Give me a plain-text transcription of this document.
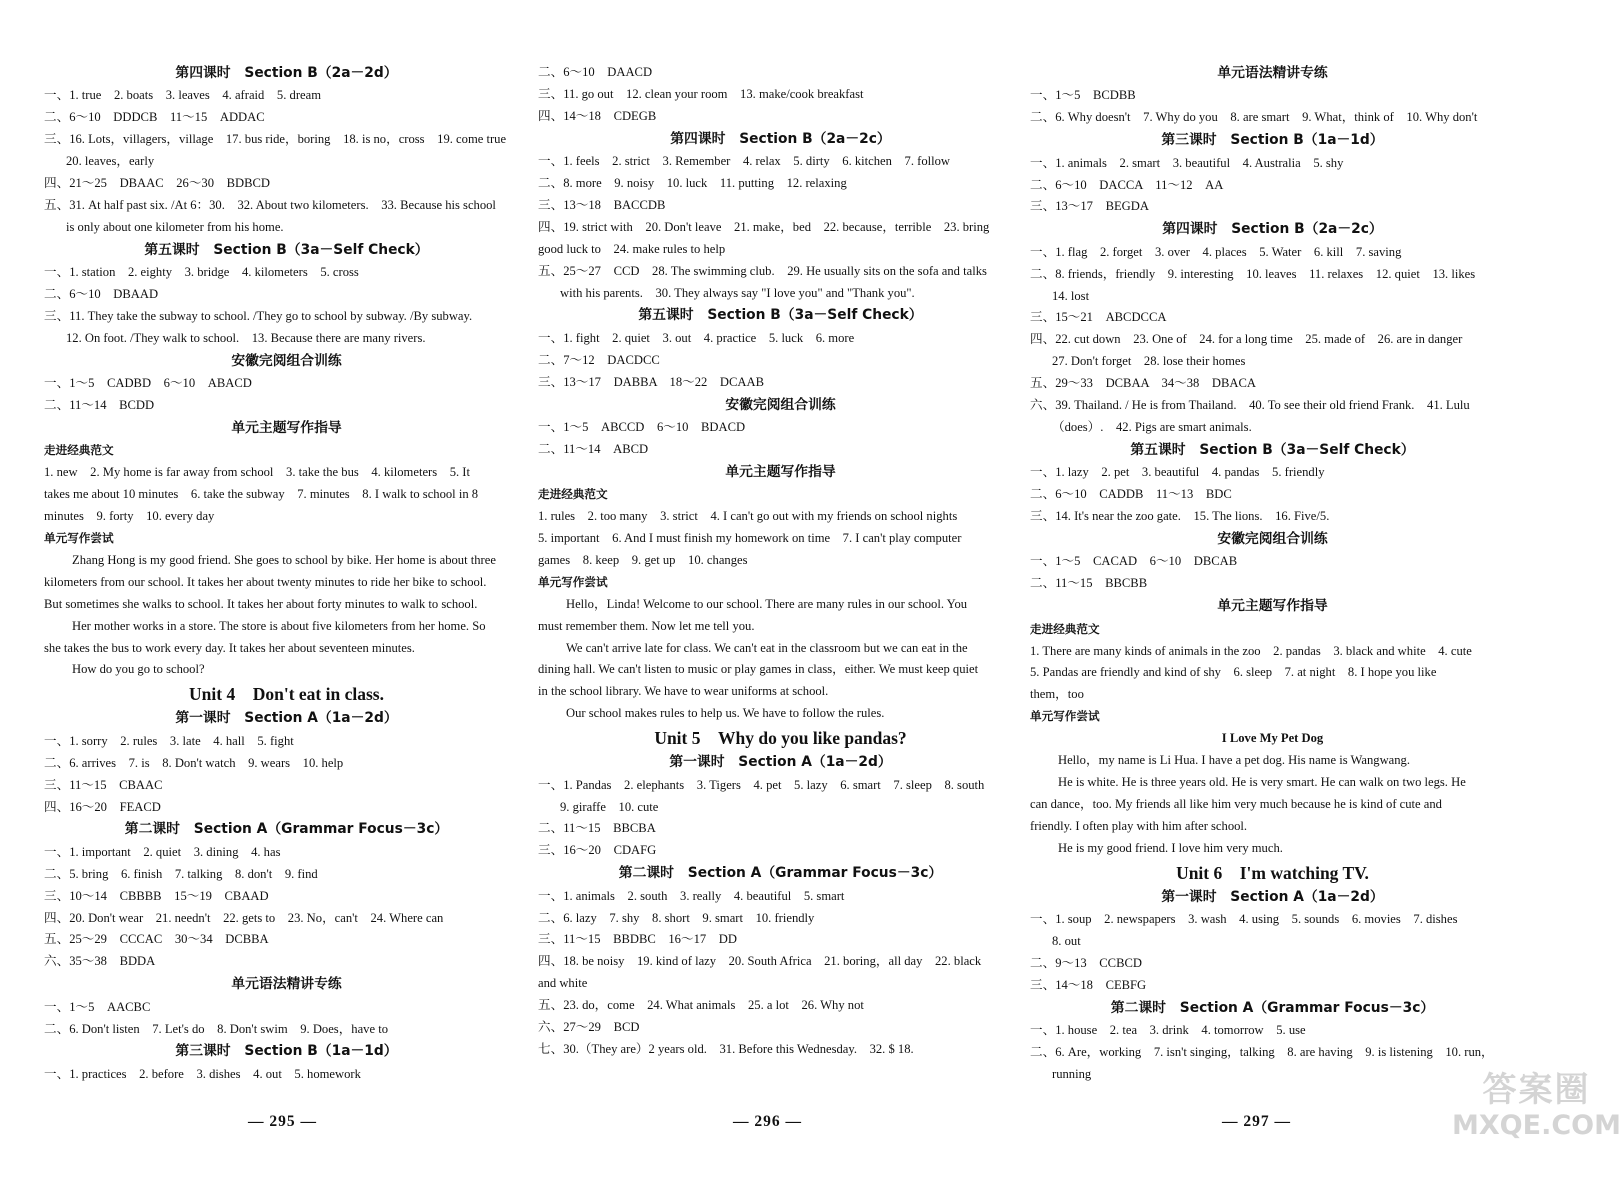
第四课时　Section B（2a－2d）
一、1. true　2. boats　3. leaves　4. afraid　5. dream
二、6～10　DDDCB　11～15　ADDAC
三、16. Lots，villagers，village　17. bus ride，boring　18. is no，cross　19. come true
20. leaves，early
四、21～25　DBAAC　26～30　BDBCD
五、31. At half past six. /At 6：30.　32. About two kilometers.　33. Because his school
is only about one kilometer from his home.
第五课时　Section B（3a－Self Check）
一、1. station　2. eighty　3. bridge　4. kilometers　5. cross
二、6～10　DBAAD
三、11. They take the subway to school. /They go to school by subway. /By subway.
12. On foot. /They walk to school.　13. Because there are many rivers.
安徽完阅组合训练
一、1～5　CADBD　6～10　ABACD
二、11～14　BCDD
单元主题写作指导
走进经典范文
1. new　2. My home is far away from school　3. take the bus　4. kilometers　5. It
takes me about 10 minutes　6. take the subway　7. minutes　8. I walk to school in 8
minutes　9. forty　10. every day
单元写作尝试
Zhang Hong is my good friend. She goes to school by bike. Her home is about three
kilometers from our school. It takes her about twenty minutes to ride her bike to school.
But sometimes she walks to school. It takes her about forty minutes to walk to school.
Her mother works in a store. The store is about five kilometers from her home. So
she takes the bus to work every day. It takes her about seventeen minutes.
How do you go to school?
Unit 4　Don't eat in class.
第一课时　Section A（1a－2d）
一、1. sorry　2. rules　3. late　4. hall　5. fight
二、6. arrives　7. is　8. Don't watch　9. wears　10. help
三、11～15　CBAAC
四、16～20　FEACD
第二课时　Section A（Grammar Focus－3c）
一、1. important　2. quiet　3. dining　4. has
二、5. bring　6. finish　7. talking　8. don't　9. find
三、10～14　CBBBB　15～19　CBAAD
四、20. Don't wear　21. needn't　22. gets to　23. No，can't　24. Where can
五、25～29　CCCAC　30～34　DCBBA
六、35～38　BDDA
单元语法精讲专练
一、1～5　AACBC
二、6. Don't listen　7. Let's do　8. Don't swim　9. Does，have to
第三课时　Section B（1a－1d）
一、1. practices　2. before　3. dishes　4. out　5. homework
二、6～10　DAACD
三、11. go out　12. clean your room　13. make/cook breakfast
四、14～18　CDEGB
第四课时　Section B（2a－2c）
一、1. feels　2. strict　3. Remember　4. relax　5. dirty　6. kitchen　7. follow
二、8. more　9. noisy　10. luck　11. putting　12. relaxing
三、13～18　BACCDB
四、19. strict with　20. Don't leave　21. make，bed　22. because，terrible　23. bring
good luck to　24. make rules to help
五、25～27　CCD　28. The swimming club.　29. He usually sits on the sofa and talks
with his parents.　30. They always say "I love you" and "Thank you".
第五课时　Section B（3a－Self Check）
一、1. fight　2. quiet　3. out　4. practice　5. luck　6. more
二、7～12　DACDCC
三、13～17　DABBA　18～22　DCAAB
安徽完阅组合训练
一、1～5　ABCCD　6～10　BDACD
二、11～14　ABCD
单元主题写作指导
走进经典范文
1. rules　2. too many　3. strict　4. I can't go out with my friends on school nights
5. important　6. And I must finish my homework on time　7. I can't play computer
games　8. keep　9. get up　10. changes
单元写作尝试
Hello，Linda! Welcome to our school. There are many rules in our school. You
must remember them. Now let me tell you.
We can't arrive late for class. We can't eat in the classroom but we can eat in the
dining hall. We can't listen to music or play games in class，either. We must keep quiet
in the school library. We have to wear uniforms at school.
Our school makes rules to help us. We have to follow the rules.
Unit 5　Why do you like pandas?
第一课时　Section A（1a－2d）
一、1. Pandas　2. elephants　3. Tigers　4. pet　5. lazy　6. smart　7. sleep　8. south
9. giraffe　10. cute
二、11～15　BBCBA
三、16～20　CDAFG
第二课时　Section A（Grammar Focus－3c）
一、1. animals　2. south　3. really　4. beautiful　5. smart
二、6. lazy　7. shy　8. short　9. smart　10. friendly
三、11～15　BBDBC　16～17　DD
四、18. be noisy　19. kind of lazy　20. South Africa　21. boring，all day　22. black
and white
五、23. do，come　24. What animals　25. a lot　26. Why not
六、27～29　BCD
七、30.（They are）2 years old.　31. Before this Wednesday.　32. $ 18.
单元语法精讲专练
一、1～5　BCDBB
二、6. Why doesn't　7. Why do you　8. are smart　9. What，think of　10. Why don't
第三课时　Section B（1a－1d）
一、1. animals　2. smart　3. beautiful　4. Australia　5. shy
二、6～10　DACCA　11～12　AA
三、13～17　BEGDA
第四课时　Section B（2a－2c）
一、1. flag　2. forget　3. over　4. places　5. Water　6. kill　7. saving
二、8. friends，friendly　9. interesting　10. leaves　11. relaxes　12. quiet　13. likes
14. lost
三、15～21　ABCDCCA
四、22. cut down　23. One of　24. for a long time　25. made of　26. are in danger
27. Don't forget　28. lose their homes
五、29～33　DCBAA　34～38　DBACA
六、39. Thailand. / He is from Thailand.　40. To see their old friend Frank.　41. Lulu
（does）.　42. Pigs are smart animals.
第五课时　Section B（3a－Self Check）
一、1. lazy　2. pet　3. beautiful　4. pandas　5. friendly
二、6～10　CADDB　11～13　BDC
三、14. It's near the zoo gate.　15. The lions.　16. Five/5.
安徽完阅组合训练
一、1～5　CACAD　6～10　DBCAB
二、11～15　BBCBB
单元主题写作指导
走进经典范文
1. There are many kinds of animals in the zoo　2. pandas　3. black and white　4. cute
5. Pandas are friendly and kind of shy　6. sleep　7. at night　8. I hope you like
them，too
单元写作尝试
I Love My Pet Dog
Hello，my name is Li Hua. I have a pet dog. His name is Wangwang.
He is white. He is three years old. He is very smart. He can walk on two legs. He
can dance，too. My friends all like him very much because he is kind of cute and
friendly. I often play with him after school.
He is my good friend. I love him very much.
Unit 6　I'm watching TV.
第一课时　Section A（1a－2d）
一、1. soup　2. newspapers　3. wash　4. using　5. sounds　6. movies　7. dishes
8. out
二、9～13　CCBCD
三、14～18　CEBFG
第二课时　Section A（Grammar Focus－3c）
一、1. house　2. tea　3. drink　4. tomorrow　5. use
二、6. Are，working　7. isn't singing，talking　8. are having　9. is listening　10. run，
running
— 295 —	— 296 —	— 297 —
答案圈
MXQE.COM
